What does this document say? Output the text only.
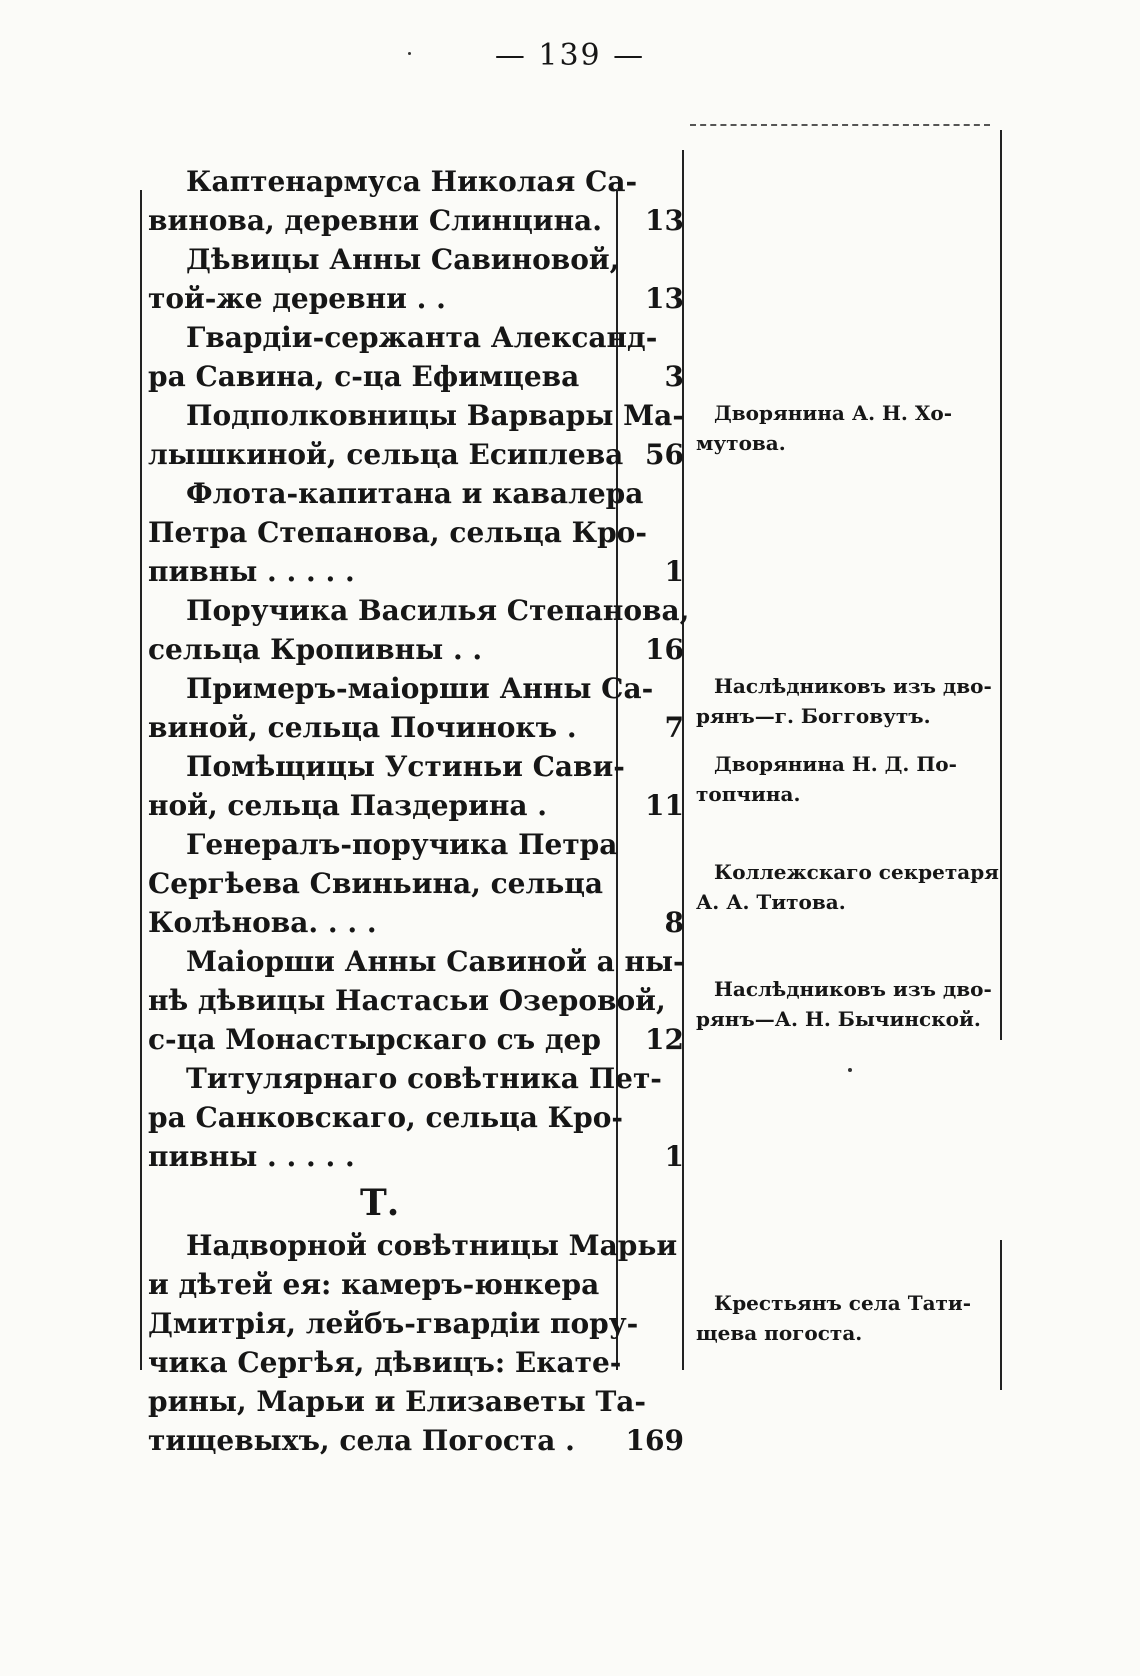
— 139 —
Каптенармуса Николая Са-
винова, деревни Слинцина.	13
Дѣвицы Анны Савиновой,
той-же деревни . .	13
Гвардіи-сержанта Александ-
ра Савина, с-ца Ефимцева	3
Подполковницы Варвары Ма-
лышкиной, сельца Есиплева 56
Флота-капитана и кавалера
Петра Степанова, сельца Кро-
пивны . . . . .	1
Поручика Василья Степанова,
сельца Кропивны . .	16
Примеръ-маіорши Анны Са-
виной, сельца Починокъ .	7
Помѣщицы Устиньи Сави-
ной, сельца Паздерина .	11
Генералъ-поручика Петра
Сергѣева Свиньина, сельца
Колѣнова. . . .	8
Маіорши Анны Савиной а ны-
нѣ дѣвицы Настасьи Озеровой,
с-ца Монастырскаго съ дер	12
Титулярнаго совѣтника Пет-
ра Санковскаго, сельца Кро-
пивны . . . . .	1
Т.
Надворной совѣтницы Марьи
и дѣтей ея: камеръ-юнкера
Дмитрія, лейбъ-гвардіи пору-
чика Сергѣя, дѣвицъ: Екате-
рины, Марьи и Елизаветы Та-
тищевыхъ, села Погоста .	169
Дворянина А. Н. Хо-
мутова.
Наслѣдниковъ изъ дво-
рянъ—г. Богговутъ.
Дворянина Н. Д. По-
топчина.
Коллежскаго секретаря
А. А. Титова.
Наслѣдниковъ изъ дво-
рянъ—А. Н. Бычинской.
Крестьянъ села Тати-
щева погоста.
